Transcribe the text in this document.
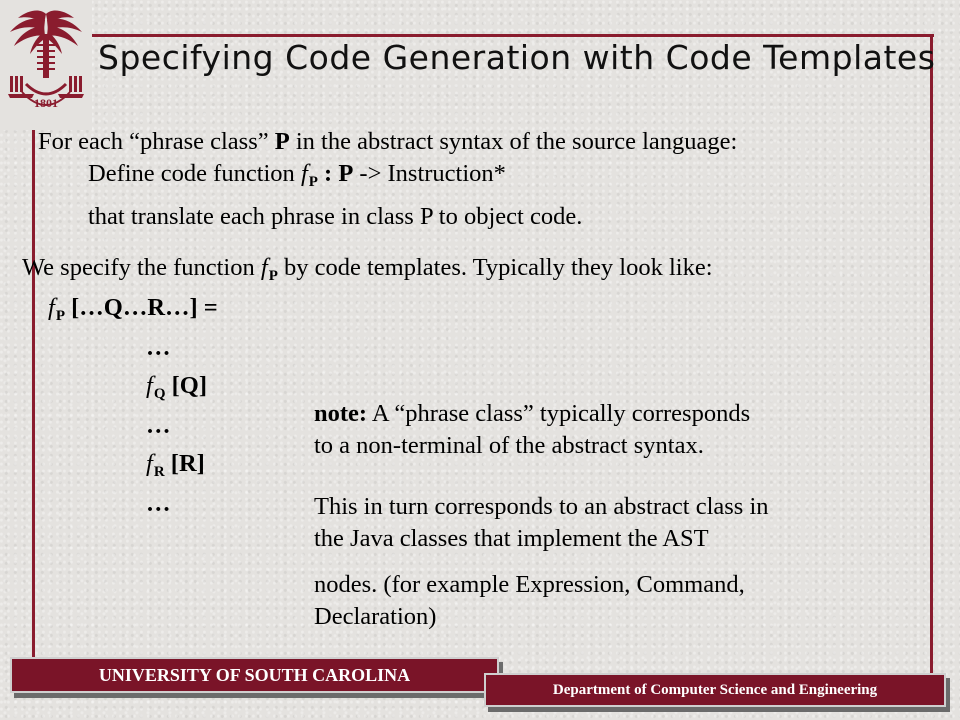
1801
Specifying Code Generation with Code Templates

For each “phrase class” P in the abstract syntax of the source language:

Define code function $f_P$ : P -> Instruction*

that translate each phrase in class P to object code.

We specify the function $f_P$ by code templates. Typically they look like:

$f_P$ […Q…R…] =

…

$f_Q$ [Q]

…

$f_R$ [R]

…

note: A “phrase class” typically corresponds

to a non-terminal of the abstract syntax.

This in turn corresponds to an abstract class in

the Java classes that implement the AST

nodes. (for example Expression, Command,

Declaration)

UNIVERSITY OF SOUTH CAROLINA
Department of Computer Science and Engineering
